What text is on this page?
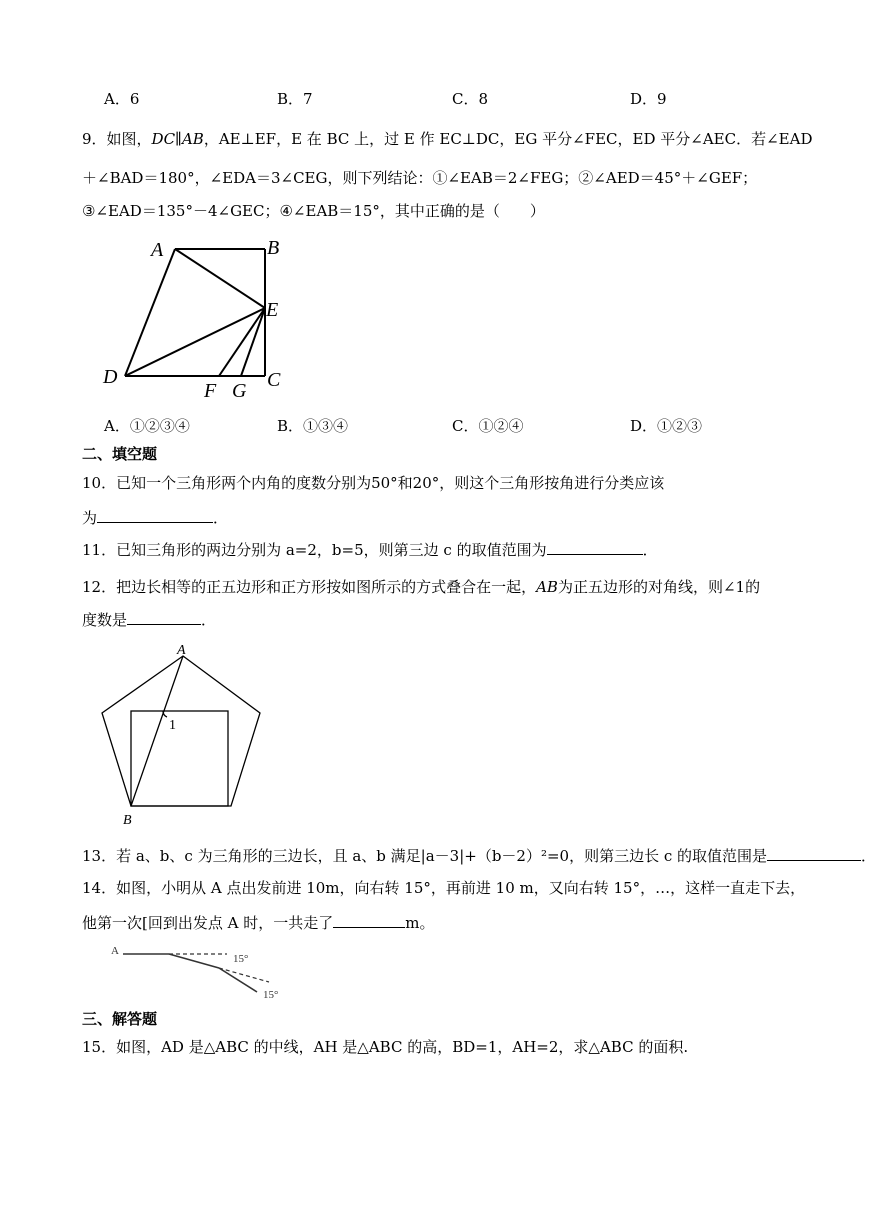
A．6	B．7	C．8	D．9
9．如图，DC∥AB，AE⊥EF，E 在 BC 上，过 E 作 EC⊥DC，EG 平分∠FEC，ED 平分∠AEC．若∠EAD
＋∠BAD＝180°，∠EDA＝3∠CEG，则下列结论：①∠EAB＝2∠FEG；②∠AED＝45°＋∠GEF；
③∠EAD＝135°－4∠GEC；④∠EAB＝15°，其中正确的是（　　）
A	B
E
D
F G C
A．①②③④	B．①③④	C．①②④	D．①②③
二、填空题
10．已知一个三角形两个内角的度数分别为50°和20°，则这个三角形按角进行分类应该
为	．
11．已知三角形的两边分别为 a=2，b=5，则第三边 c 的取值范围为	．
12．把边长相等的正五边形和正方形按如图所示的方式叠合在一起，AB为正五边形的对角线，则∠1的
度数是	．
A
1
B
13．若 a、b、c 为三角形的三边长，且 a、b 满足|a－3|+（b－2）²=0，则第三边长 c 的取值范围是	．
14．如图，小明从 A 点出发前进 10m，向右转 15°，再前进 10 m，又向右转 15°，…，这样一直走下去，
他第一次[回到出发点 A 时，一共走了	m。
A
15°
15°
三、解答题
15．如图，AD 是△ABC 的中线，AH 是△ABC 的高，BD=1，AH=2，求△ABC 的面积.
